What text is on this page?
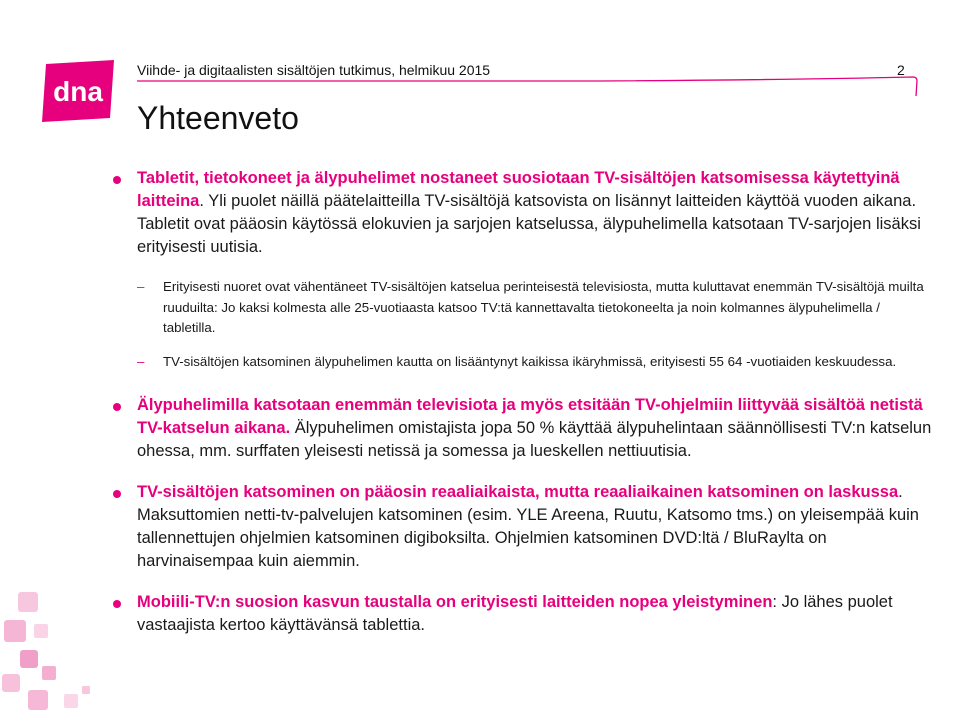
dna
Viihde- ja digitaalisten sisältöjen tutkimus, helmikuu 2015	2
Yhteenveto
Tabletit, tietokoneet ja älypuhelimet nostaneet suosiotaan TV-sisältöjen katsomisessa käytettyinä laitteina. Yli puolet näillä päätelaitteilla TV-sisältöjä katsovista on lisännyt laitteiden käyttöä vuoden aikana. Tabletit ovat pääosin käytössä elokuvien ja sarjojen katselussa, älypuhelimella katsotaan TV-sarjojen lisäksi erityisesti uutisia.
– Erityisesti nuoret ovat vähentäneet TV-sisältöjen katselua perinteisestä televisiosta, mutta kuluttavat enemmän TV-sisältöjä muilta ruuduilta: Jo kaksi kolmesta alle 25-vuotiaasta katsoo TV:tä kannettavalta tietokoneelta ja noin kolmannes älypuhelimella / tabletilla.
– TV-sisältöjen katsominen älypuhelimen kautta on lisääntynyt kaikissa ikäryhmissä, erityisesti 55 64 -vuotiaiden keskuudessa.
Älypuhelimilla katsotaan enemmän televisiota ja myös etsitään TV-ohjelmiin liittyvää sisältöä netistä TV-katselun aikana. Älypuhelimen omistajista jopa 50 % käyttää älypuhelintaan säännöllisesti TV:n katselun ohessa, mm. surffaten yleisesti netissä ja somessa ja lueskellen nettiuutisia.
TV-sisältöjen katsominen on pääosin reaaliaikaista, mutta reaaliaikainen katsominen on laskussa. Maksuttomien netti-tv-palvelujen katsominen (esim. YLE Areena, Ruutu, Katsomo tms.) on yleisempää kuin tallennettujen ohjelmien katsominen digiboksilta. Ohjelmien katsominen DVD:ltä / BluRaylta on harvinaisempaa kuin aiemmin.
Mobiili-TV:n suosion kasvun taustalla on erityisesti laitteiden nopea yleistyminen: Jo lähes puolet vastaajista kertoo käyttävänsä tablettia.
